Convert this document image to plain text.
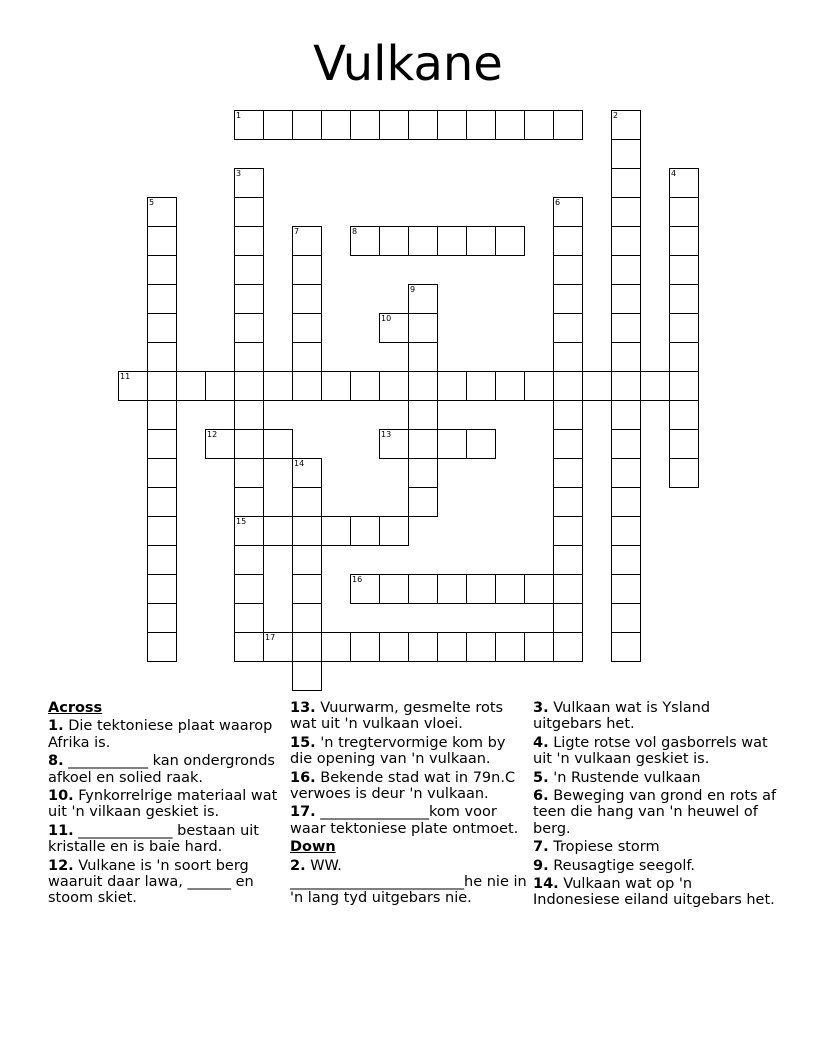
Vulkane
1	2
3
15
4
5	6
7	8
9
10
11
12	13
14
16
17
Across
1. Die tektoniese plaat waarop Afrika is.
8. ___________ kan ondergronds afkoel en solied raak.
10. Fynkorrelrige materiaal wat uit 'n vilkaan geskiet is.
11. _____________ bestaan uit kristalle en is baie hard.
12. Vulkane is 'n soort berg waaruit daar lawa, ______ en stoom skiet.
13. Vuurwarm, gesmelte rots wat uit 'n vulkaan vloei.
15. 'n tregtervormige kom by die opening van 'n vulkaan.
16. Bekende stad wat in 79n.C verwoes is deur 'n vulkaan.
17. _______________kom voor waar tektoniese plate ontmoet.
Down
2. WW. ________________________he nie in 'n lang tyd uitgebars nie.
3. Vulkaan wat is Ysland uitgebars het.
4. Ligte rotse vol gasborrels wat uit 'n vulkaan geskiet is.
5. 'n Rustende vulkaan
6. Beweging van grond en rots af teen die hang van 'n heuwel of berg.
7. Tropiese storm
9. Reusagtige seegolf.
14. Vulkaan wat op 'n Indonesiese eiland uitgebars het.
